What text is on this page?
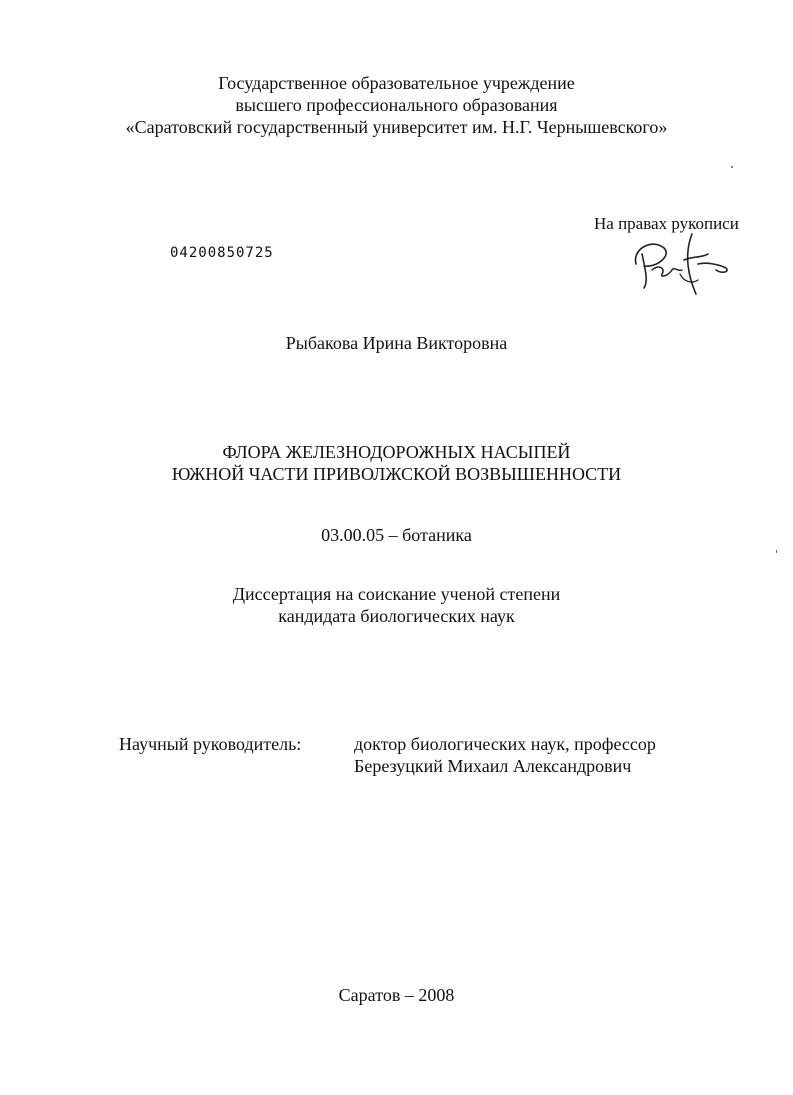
Государственное образовательное учреждение
высшего профессионального образования
«Саратовский государственный университет им. Н.Г. Чернышевского»
На правах рукописи
04200850725
Рыбакова Ирина Викторовна
ФЛОРА ЖЕЛЕЗНОДОРОЖНЫХ НАСЫПЕЙ
ЮЖНОЙ ЧАСТИ ПРИВОЛЖСКОЙ ВОЗВЫШЕННОСТИ
03.00.05 – ботаника
Диссертация на соискание ученой степени
кандидата биологических наук
Научный руководитель:	доктор биологических наук, профессор
Березуцкий Михаил Александрович
Саратов – 2008
